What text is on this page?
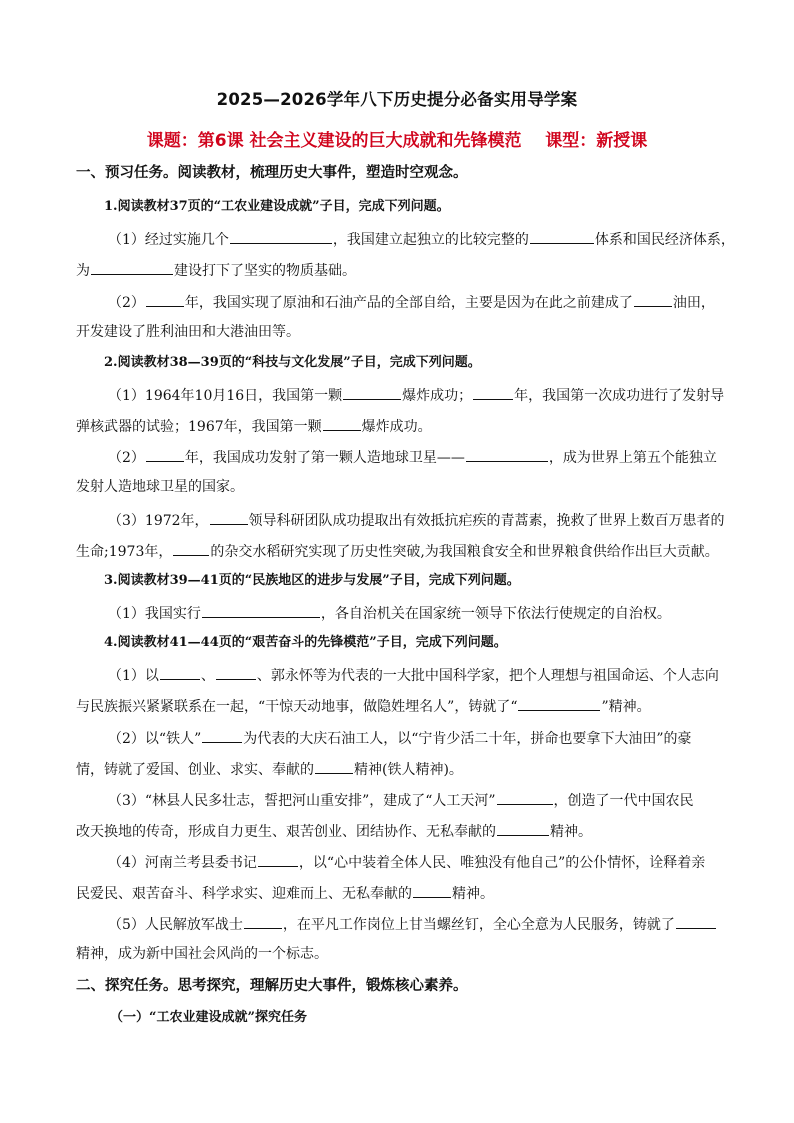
2025—2026学年八下历史提分必备实用导学案
课题：第6课 社会主义建设的巨大成就和先锋模范    课型：新授课
一、预习任务。阅读教材，梳理历史大事件，塑造时空观念。
1.阅读教材37页的“工农业建设成就”子目，完成下列问题。
（1）经过实施几个	，我国建立起独立的比较完整的	体系和国民经济体系，
为	建设打下了坚实的物质基础。
（2）	年，我国实现了原油和石油产品的全部自给，主要是因为在此之前建成了	油田，
开发建设了胜利油田和大港油田等。
2.阅读教材38—39页的“科技与文化发展”子目，完成下列问题。
（1）1964年10月16日，我国第一颗	爆炸成功；	年，我国第一次成功进行了发射导
弹核武器的试验；1967年，我国第一颗	爆炸成功。
（2）	年，我国成功发射了第一颗人造地球卫星——	，成为世界上第五个能独立
发射人造地球卫星的国家。
（3）1972年，	领导科研团队成功提取出有效抵抗疟疾的青蒿素，挽救了世界上数百万患者的
生命;1973年，	的杂交水稻研究实现了历史性突破,为我国粮食安全和世界粮食供给作出巨大贡献。
3.阅读教材39—41页的“民族地区的进步与发展”子目，完成下列问题。
（1）我国实行	，各自治机关在国家统一领导下依法行使规定的自治权。
4.阅读教材41—44页的“艰苦奋斗的先锋模范”子目，完成下列问题。
（1）以	、	、郭永怀等为代表的一大批中国科学家，把个人理想与祖国命运、个人志向
与民族振兴紧紧联系在一起，“干惊天动地事，做隐姓埋名人”，铸就了“	”精神。
（2）以“铁人”	为代表的大庆石油工人，以“宁肯少活二十年，拼命也要拿下大油田”的豪
情，铸就了爱国、创业、求实、奉献的	精神(铁人精神)。
（3）“林县人民多壮志，誓把河山重安排”，建成了“人工天河”	，创造了一代中国农民
改天换地的传奇，形成自力更生、艰苦创业、团结协作、无私奉献的	精神。
（4）河南兰考县委书记	，以“心中装着全体人民、唯独没有他自己”的公仆情怀，诠释着亲
民爱民、艰苦奋斗、科学求实、迎难而上、无私奉献的	精神。
（5）人民解放军战士	，在平凡工作岗位上甘当螺丝钉，全心全意为人民服务，铸就了
精神，成为新中国社会风尚的一个标志。
二、探究任务。思考探究，理解历史大事件，锻炼核心素养。
（一）“工农业建设成就”探究任务
